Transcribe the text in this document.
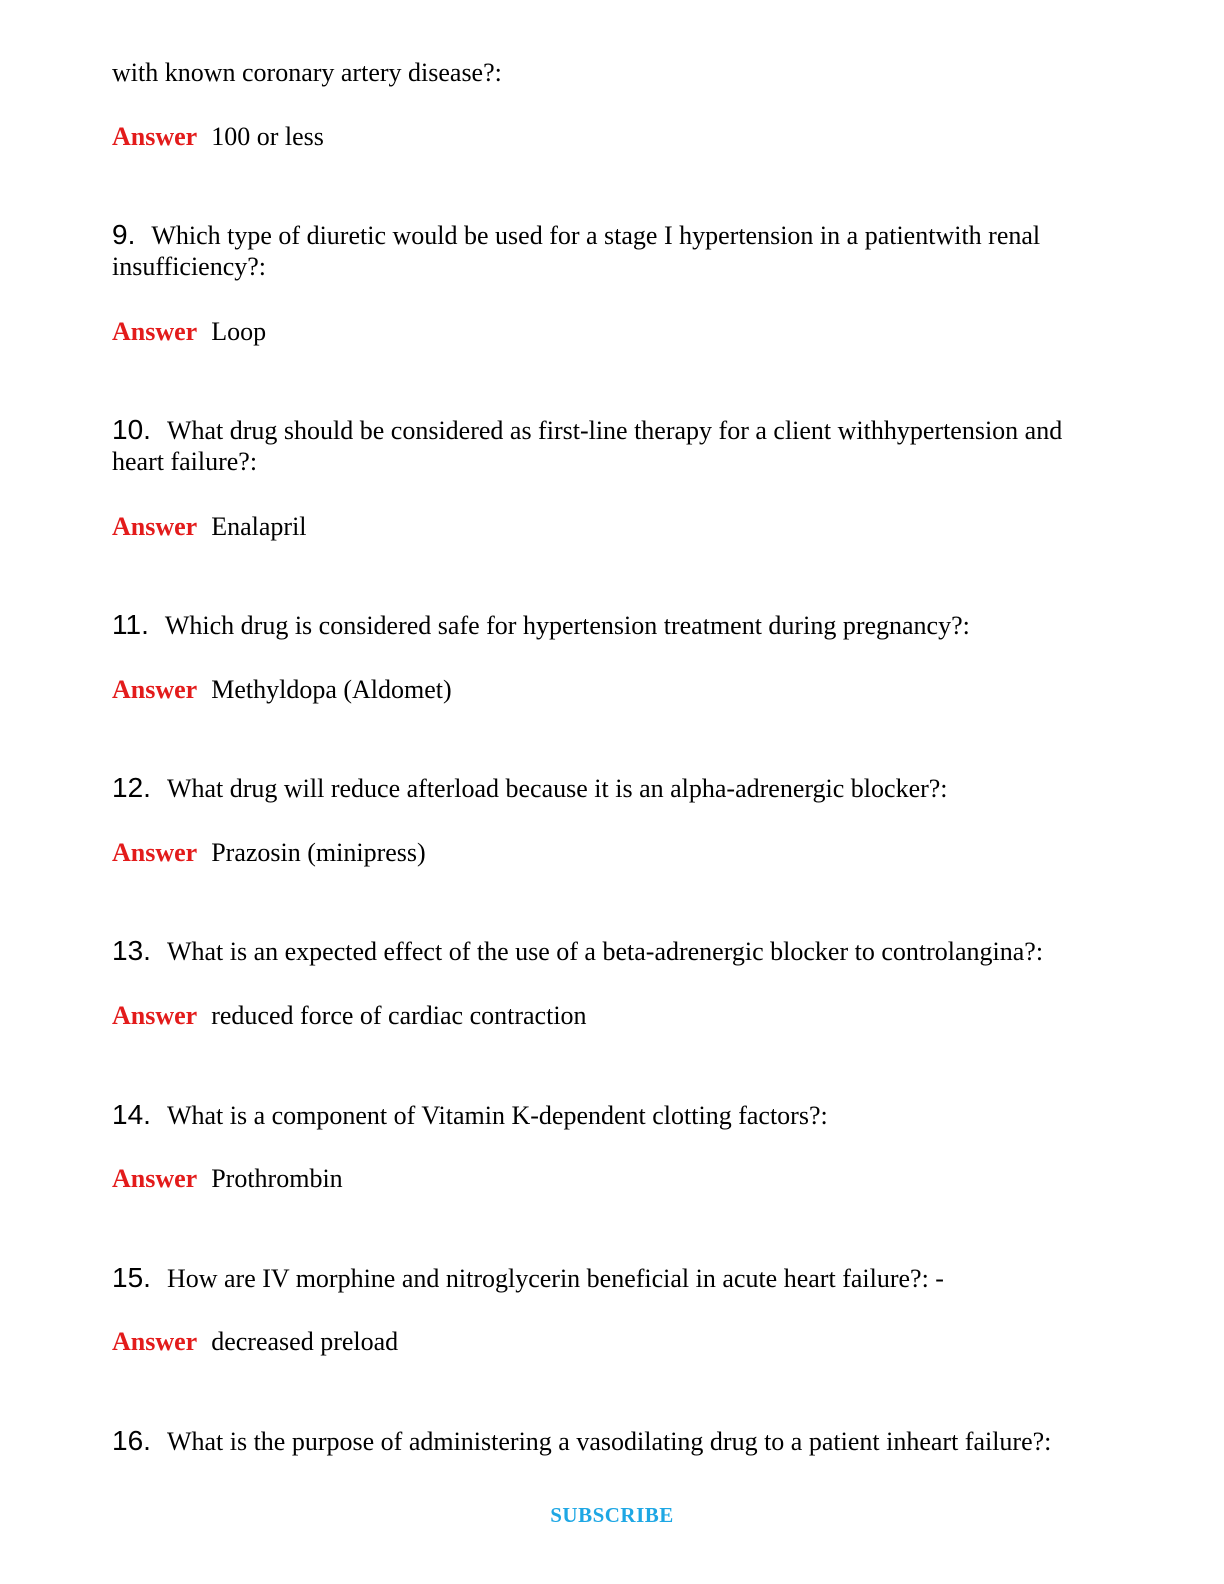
with known coronary artery disease?:
Answer 100 or less
9. Which type of diuretic would be used for a stage I hypertension in a patientwith renal insufficiency?:
Answer Loop
10. What drug should be considered as first-line therapy for a client withhypertension and heart failure?:
Answer Enalapril
11. Which drug is considered safe for hypertension treatment during pregnancy?:
Answer Methyldopa (Aldomet)
12. What drug will reduce afterload because it is an alpha-adrenergic blocker?:
Answer Prazosin (minipress)
13. What is an expected effect of the use of a beta-adrenergic blocker to controlangina?:
Answer reduced force of cardiac contraction
14. What is a component of Vitamin K-dependent clotting factors?:
Answer Prothrombin
15. How are IV morphine and nitroglycerin beneficial in acute heart failure?: -
Answer decreased preload
16. What is the purpose of administering a vasodilating drug to a patient inheart failure?:
SUBSCRIBE
